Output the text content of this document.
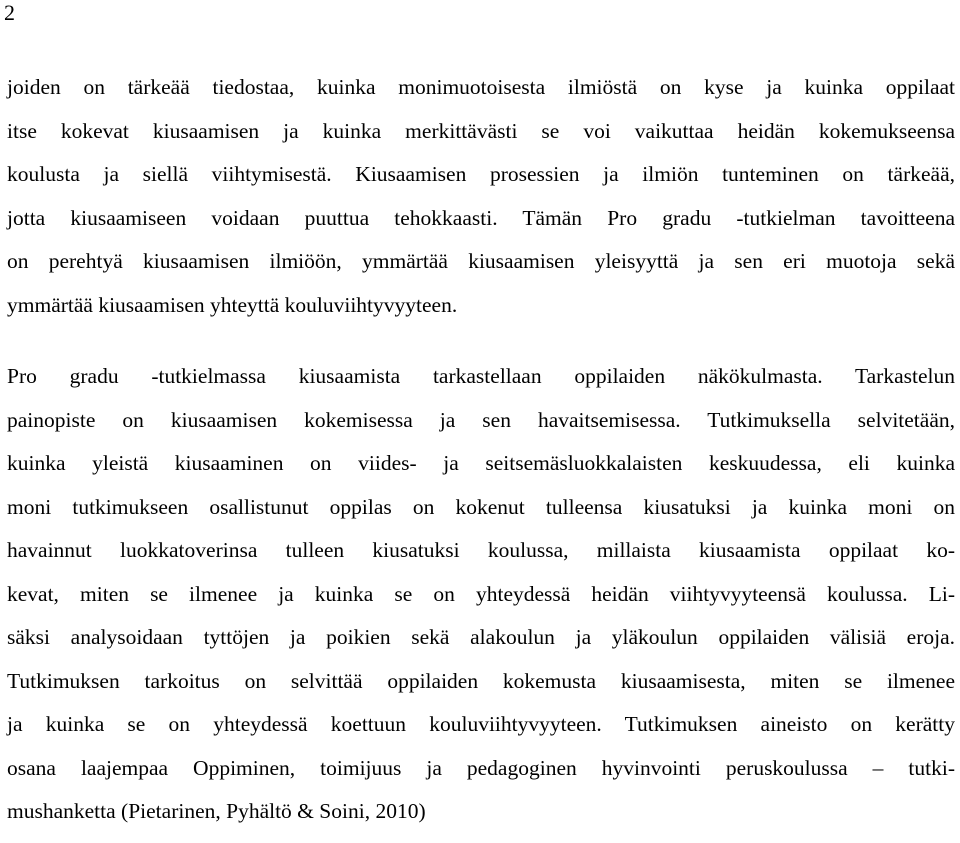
2
joiden on tärkeää tiedostaa, kuinka monimuotoisesta ilmiöstä on kyse ja kuinka oppilaat
itse kokevat kiusaamisen ja kuinka merkittävästi se voi vaikuttaa heidän kokemukseensa
koulusta ja siellä viihtymisestä. Kiusaamisen prosessien ja ilmiön tunteminen on tärkeää,
jotta kiusaamiseen voidaan puuttua tehokkaasti. Tämän Pro gradu -tutkielman tavoitteena
on perehtyä kiusaamisen ilmiöön, ymmärtää kiusaamisen yleisyyttä ja sen eri muotoja sekä
ymmärtää kiusaamisen yhteyttä kouluviihtyvyyteen.
Pro gradu -tutkielmassa kiusaamista tarkastellaan oppilaiden näkökulmasta. Tarkastelun
painopiste on kiusaamisen kokemisessa ja sen havaitsemisessa. Tutkimuksella selvitetään,
kuinka yleistä kiusaaminen on viides- ja seitsemäsluokkalaisten keskuudessa, eli kuinka
moni tutkimukseen osallistunut oppilas on kokenut tulleensa kiusatuksi ja kuinka moni on
havainnut luokkatoverinsa tulleen kiusatuksi koulussa, millaista kiusaamista oppilaat ko-
kevat, miten se ilmenee ja kuinka se on yhteydessä heidän viihtyvyyteensä koulussa. Li-
säksi analysoidaan tyttöjen ja poikien sekä alakoulun ja yläkoulun oppilaiden välisiä eroja.
Tutkimuksen tarkoitus on selvittää oppilaiden kokemusta kiusaamisesta, miten se ilmenee
ja kuinka se on yhteydessä koettuun kouluviihtyvyyteen. Tutkimuksen aineisto on kerätty
osana laajempaa Oppiminen, toimijuus ja pedagoginen hyvinvointi peruskoulussa – tutki-
mushanketta (Pietarinen, Pyhältö & Soini, 2010)
